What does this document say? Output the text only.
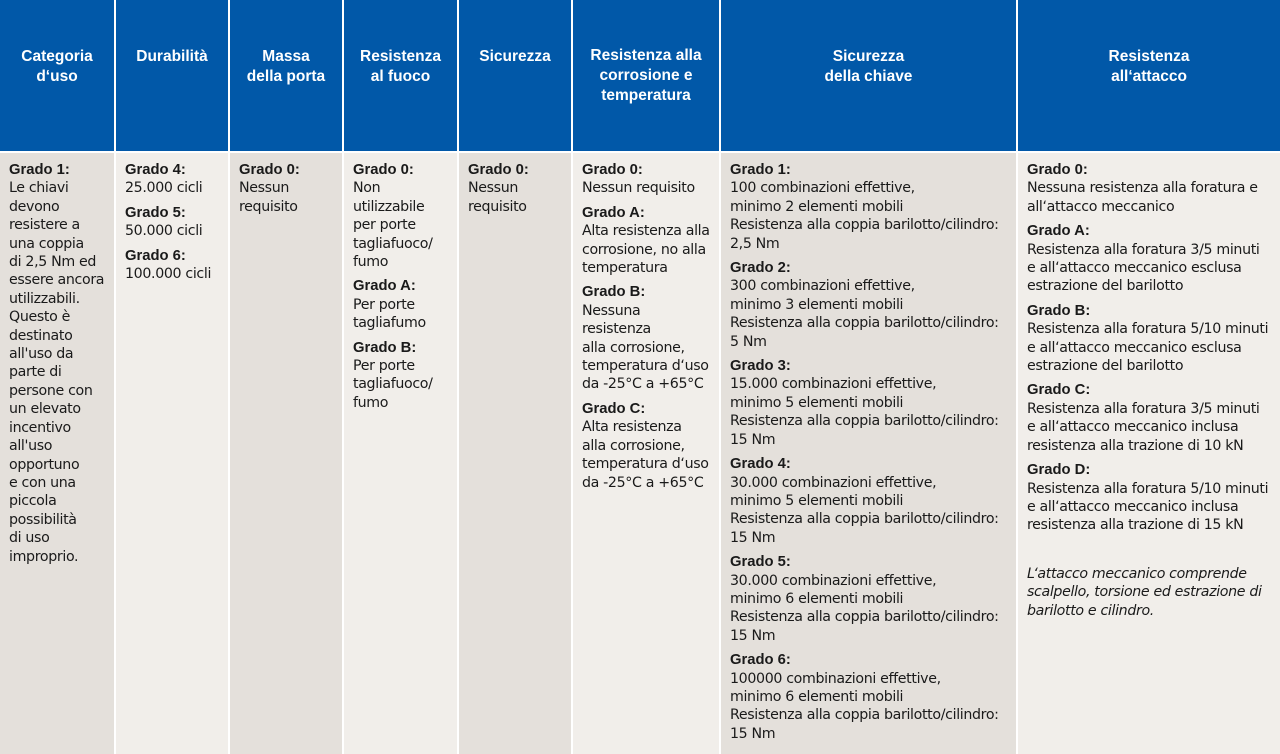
Categoria
d‘uso
Grado 1:
Le chiavi
devono
resistere a
una coppia
di 2,5 Nm ed
essere ancora
utilizzabili.
Questo è
destinato
all'uso da
parte di
persone con
un elevato
incentivo
all'uso
opportuno
e con una
piccola
possibilità
di uso
improprio.
Durabilità
Grado 4:
25.000 cicli
Grado 5:
50.000 cicli
Grado 6:
100.000 cicli
Massa
della porta
Grado 0:
Nessun
requisito
Resistenza
al fuoco
Grado 0:
Non
utilizzabile
per porte
tagliafuoco/
fumo
Grado A:
Per porte
tagliafumo
Grado B:
Per porte
tagliafuoco/
fumo
Sicurezza
Grado 0:
Nessun
requisito
Resistenza alla
corrosione e
temperatura
Grado 0:
Nessun requisito
Grado A:
Alta resistenza alla
corrosione, no alla
temperatura
Grado B:
Nessuna resistenza
alla corrosione,
temperatura d‘uso
da -25°C a +65°C
Grado C:
Alta resistenza
alla corrosione,
temperatura d‘uso
da -25°C a +65°C
Sicurezza
della chiave
Grado 1:
100 combinazioni effettive,
minimo 2 elementi mobili
Resistenza alla coppia barilotto/cilindro:
2,5 Nm
Grado 2:
300 combinazioni effettive,
minimo 3 elementi mobili
Resistenza alla coppia barilotto/cilindro:
5 Nm
Grado 3:
15.000 combinazioni effettive,
minimo 5 elementi mobili
Resistenza alla coppia barilotto/cilindro:
15 Nm
Grado 4:
30.000 combinazioni effettive,
minimo 5 elementi mobili
Resistenza alla coppia barilotto/cilindro:
15 Nm
Grado 5:
30.000 combinazioni effettive,
minimo 6 elementi mobili
Resistenza alla coppia barilotto/cilindro:
15 Nm
Grado 6:
100000 combinazioni effettive,
minimo 6 elementi mobili
Resistenza alla coppia barilotto/cilindro:
15 Nm
Resistenza
all‘attacco
Grado 0:
Nessuna resistenza alla foratura e
all‘attacco meccanico
Grado A:
Resistenza alla foratura 3/5 minuti
e all‘attacco meccanico esclusa
estrazione del barilotto
Grado B:
Resistenza alla foratura 5/10 minuti
e all‘attacco meccanico esclusa
estrazione del barilotto
Grado C:
Resistenza alla foratura 3/5 minuti
e all‘attacco meccanico inclusa
resistenza alla trazione di 10 kN
Grado D:
Resistenza alla foratura 5/10 minuti
e all‘attacco meccanico inclusa
resistenza alla trazione di 15 kN
L‘attacco meccanico comprende
scalpello, torsione ed estrazione di
barilotto e cilindro.
